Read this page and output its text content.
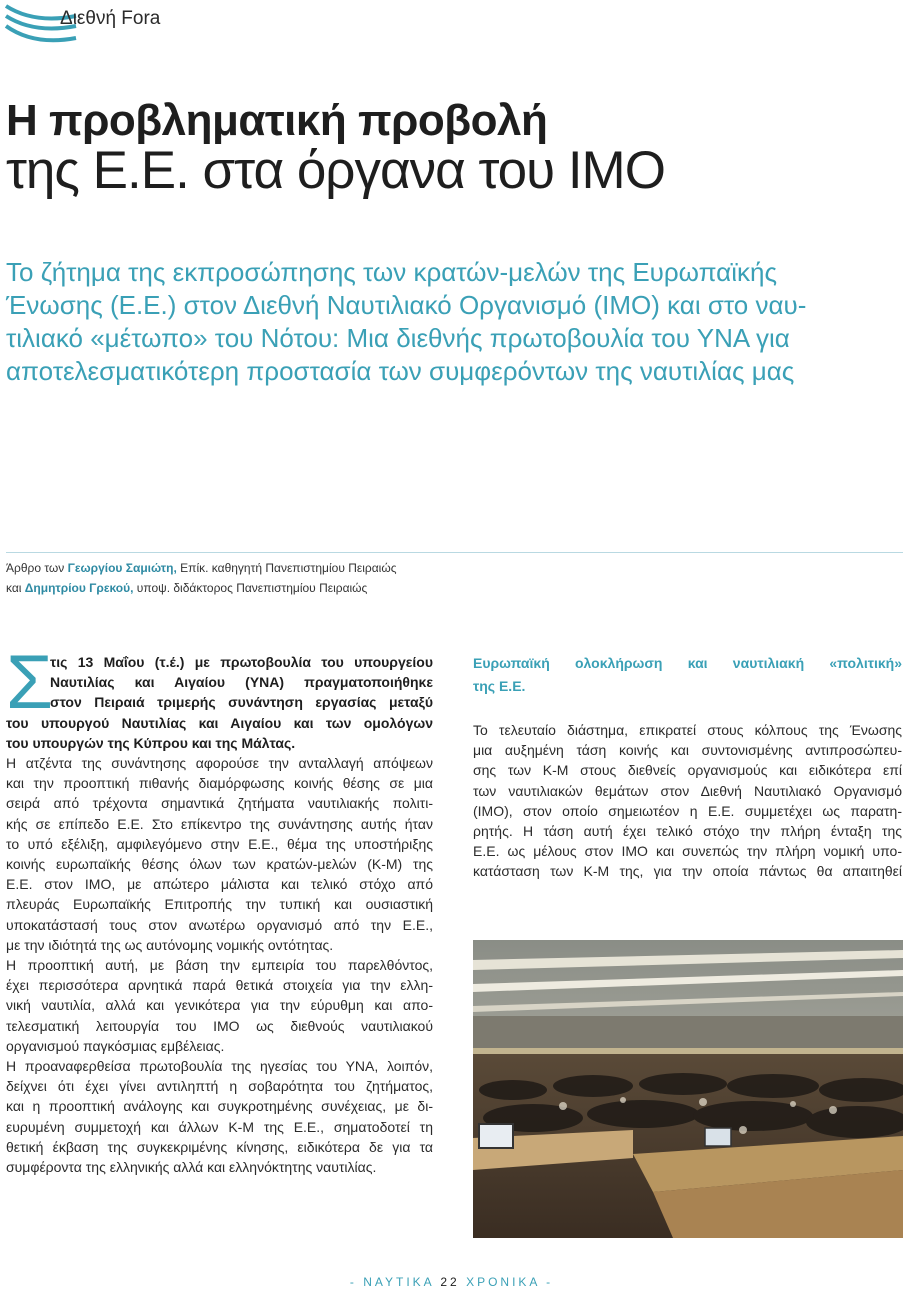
Διεθνή Fora
Η προβληματική προβολή
της Ε.Ε. στα όργανα του ΙΜΟ
Το ζήτημα της εκπροσώπησης των κρατών-μελών της Ευρωπαϊκής
Ένωσης (Ε.Ε.) στον Διεθνή Ναυτιλιακό Οργανισμό (ΙΜΟ) και στο ναυ-
τιλιακό «μέτωπο» του Νότου: Μια διεθνής πρωτοβουλία του ΥΝΑ για
αποτελεσματικότερη προστασία των συμφερόντων της ναυτιλίας μας
Άρθρο των Γεωργίου Σαμιώτη, Επίκ. καθηγητή Πανεπιστημίου Πειραιώς
και Δημητρίου Γρεκού, υποψ. διδάκτορος Πανεπιστημίου Πειραιώς
Σ
τις 13 Μαΐου (τ.έ.) με πρωτοβουλία του υπουργείου
Ναυτιλίας και Αιγαίου (ΥΝΑ) πραγματοποιήθηκε
στον Πειραιά τριμερής συνάντηση εργασίας μεταξύ
του υπουργού Ναυτιλίας και Αιγαίου και των ομολόγων
του υπουργών της Κύπρου και της Μάλτας.
Η ατζέντα της συνάντησης αφορούσε την ανταλλαγή απόψεων
και την προοπτική πιθανής διαμόρφωσης κοινής θέσης σε μια
σειρά από τρέχοντα σημαντικά ζητήματα ναυτιλιακής πολιτι-
κής σε επίπεδο Ε.Ε. Στο επίκεντρο της συνάντησης αυτής ήταν
το υπό εξέλιξη, αμφιλεγόμενο στην Ε.Ε., θέμα της υποστήριξης
κοινής ευρωπαϊκής θέσης όλων των κρατών-μελών (Κ-Μ) της
Ε.Ε. στον ΙΜΟ, με απώτερο μάλιστα και τελικό στόχο από
πλευράς Ευρωπαϊκής Επιτροπής την τυπική και ουσιαστική
υποκατάστασή τους στον ανωτέρω οργανισμό από την Ε.Ε.,
με την ιδιότητά της ως αυτόνομης νομικής οντότητας.
Η προοπτική αυτή, με βάση την εμπειρία του παρελθόντος,
έχει περισσότερα αρνητικά παρά θετικά στοιχεία για την ελλη-
νική ναυτιλία, αλλά και γενικότερα για την εύρυθμη και απο-
τελεσματική λειτουργία του ΙΜΟ ως διεθνούς ναυτιλιακού
οργανισμού παγκόσμιας εμβέλειας.
Η προαναφερθείσα πρωτοβουλία της ηγεσίας του ΥΝΑ, λοιπόν,
δείχνει ότι έχει γίνει αντιληπτή η σοβαρότητα του ζητήματος,
και η προοπτική ανάλογης και συγκροτημένης συνέχειας, με δι-
ευρυμένη συμμετοχή και άλλων Κ-Μ της Ε.Ε., σηματοδοτεί τη
θετική έκβαση της συγκεκριμένης κίνησης, ειδικότερα δε για τα
συμφέροντα της ελληνικής αλλά και ελληνόκτητης ναυτιλίας.
Ευρωπαϊκή ολοκλήρωση και ναυτιλιακή «πολιτική»
της Ε.Ε.
Το τελευταίο διάστημα, επικρατεί στους κόλπους της Ένωσης
μια αυξημένη τάση κοινής και συντονισμένης αντιπροσώπευ-
σης των Κ-Μ στους διεθνείς οργανισμούς και ειδικότερα επί
των ναυτιλιακών θεμάτων στον Διεθνή Ναυτιλιακό Οργανισμό
(ΙΜΟ), στον οποίο σημειωτέον η Ε.Ε. συμμετέχει ως παρατη-
ρητής. Η τάση αυτή έχει τελικό στόχο την πλήρη ένταξη της
Ε.Ε. ως μέλους στον ΙΜΟ και συνεπώς την πλήρη νομική υπο-
κατάσταση των Κ-Μ της, για την οποία πάντως θα απαιτηθεί
- ΝΑΥΤΙΚΑ 22 ΧΡΟΝΙΚΑ -
